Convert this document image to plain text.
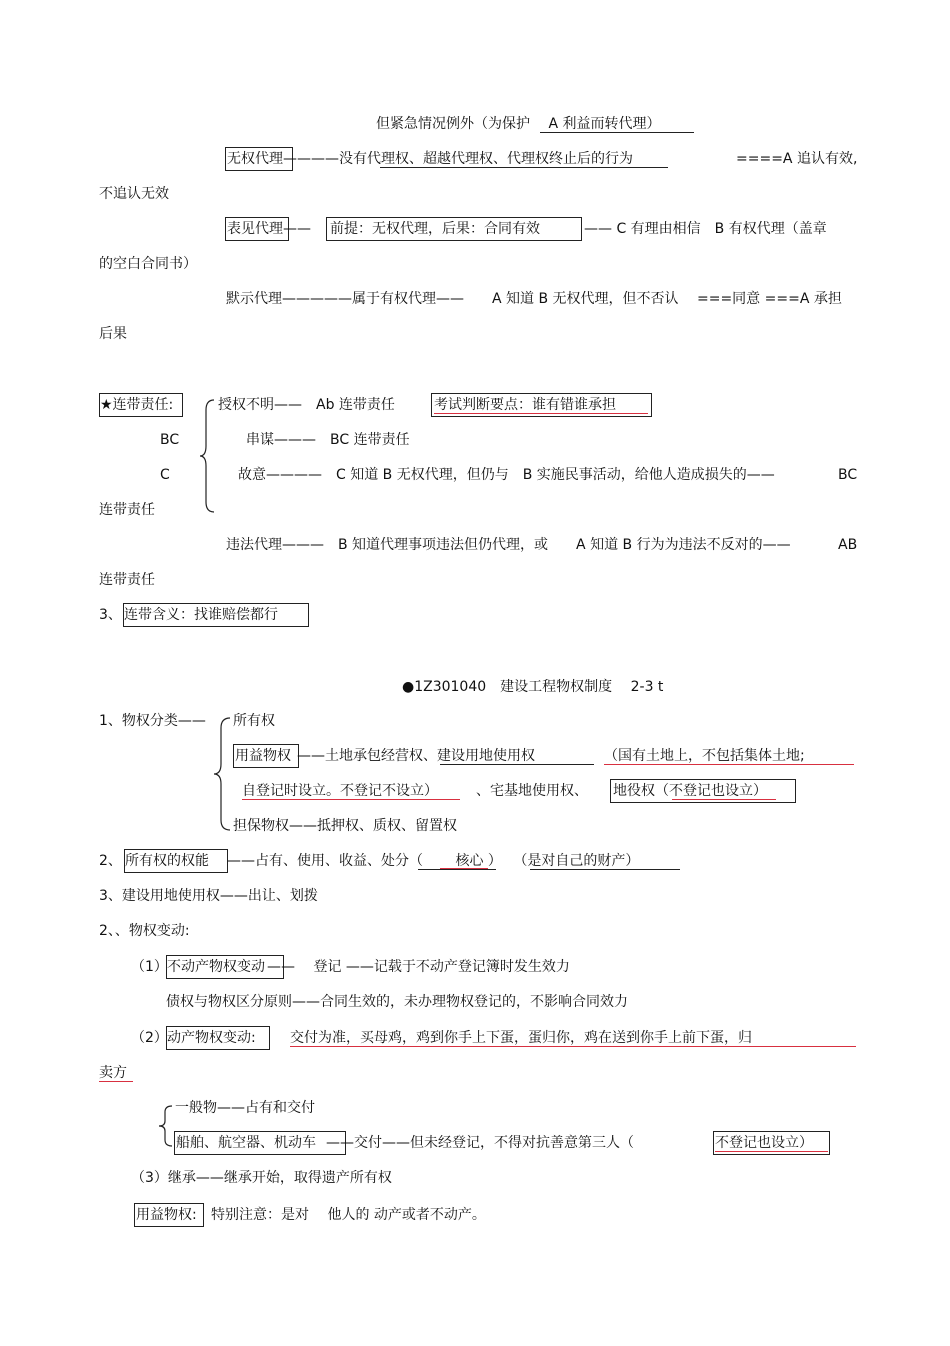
但紧急情况例外（为保护　 A 利益而转代理）
无权代理————没有代理权、超越代理权、代理权终止后的行为	====A 追认有效,
不追认无效
表见代理—— 前提：无权代理，后果：合同有效	—— C 有理由相信　B 有权代理（盖章
的空白合同书）
默示代理—————属于有权代理——　　A 知道 B 无权代理，但不否认　 ===同意 ===A 承担
后果
★连带责任:	授权不明——　Ab 连带责任	考试判断要点：谁有错谁承担
BC	串谋———　BC 连带责任
C	故意————　C 知道 B 无权代理，但仍与　B 实施民事活动，给他人造成损失的——	BC
连带责任
违法代理———　B 知道代理事项违法但仍代理，或　　A 知道 B 行为为违法不反对的——	AB
连带责任
3、 连带含义：找谁赔偿都行
●1Z301040　建设工程物权制度　 2-3 t
1、物权分类—— 所有权
用益物权 ——土地承包经营权、建设用地使用权	（国有土地上，不包括集体土地;
自登记时设立。不登记不设立）	、宅基地使用权、 地役权（不登记也设立）
担保物权——抵押权、质权、留置权
2、 所有权的权能 ——占有、使用、收益、处分（　　 核心 ）　 （是对自己的财产）
3、建设用地使用权——出让、划拨
2、、物权变动:
（1） 不动产物权变动 ——　 登记 ——记载于不动产登记簿时发生效力
债权与物权区分原则——合同生效的，未办理物权登记的，不影响合同效力
（2） 动产物权变动: 交付为准，买母鸡，鸡到你手上下蛋，蛋归你，鸡在送到你手上前下蛋，归
卖方
一般物——占有和交付
船舶、航空器、机动车 ——交付——但未经登记，不得对抗善意第三人（	不登记也设立）
（3）继承——继承开始，取得遗产所有权
用益物权: 特别注意：是对　 他人的 动产或者不动产。
